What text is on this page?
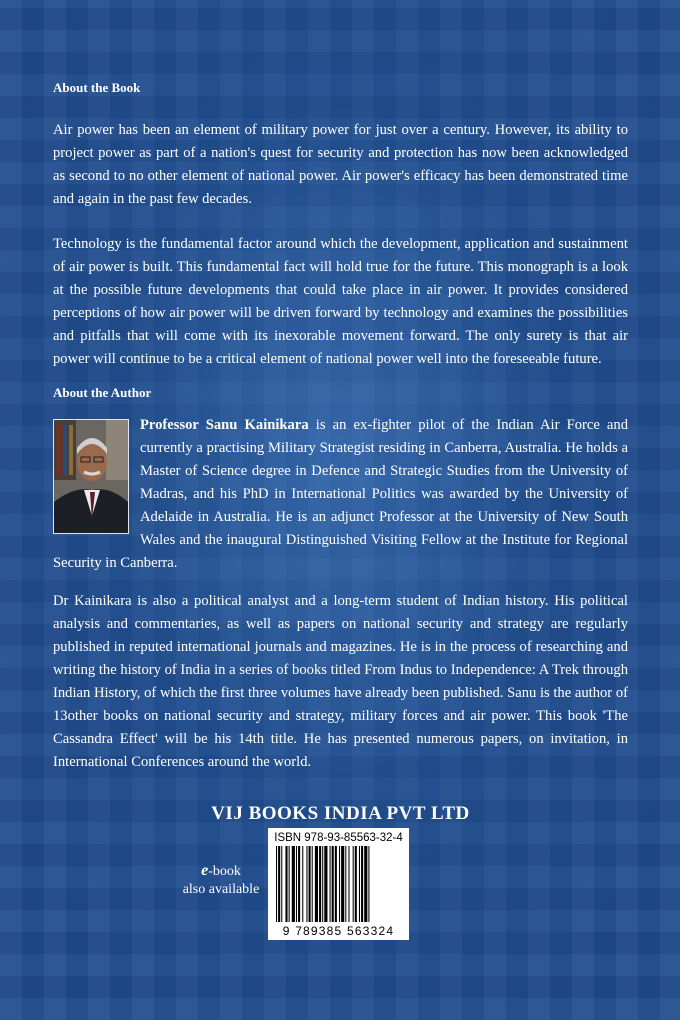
About the Book

Air power has been an element of military power for just over a century. However, its ability to project power as part of a nation's quest for security and protection has now been acknowledged as second to no other element of national power. Air power's efficacy has been demonstrated time and again in the past few decades.

Technology is the fundamental factor around which the development, application and sustainment of air power is built. This fundamental fact will hold true for the future. This monograph is a look at the possible future developments that could take place in air power. It provides considered perceptions of how air power will be driven forward by technology and examines the possibilities and pitfalls that will come with its inexorable movement forward. The only surety is that air power will continue to be a critical element of national power well into the foreseeable future.

About the Author
Professor Sanu Kainikara is an ex-fighter pilot of the Indian Air Force and
currently a practising Military Strategist residing in Canberra, Australia. He holds a
Master of Science degree in Defence and Strategic Studies from the University of
Madras, and his PhD in International Politics was awarded by the University of
Adelaide in Australia. He is an adjunct Professor at the University of New South
Wales and the inaugural Distinguished Visiting Fellow at the Institute for Regional
Security in Canberra.

Dr Kainikara is also a political analyst and a long-term student of Indian history. His political analysis and commentaries, as well as papers on national security and strategy are regularly published in reputed international journals and magazines. He is in the process of researching and writing the history of India in a series of books titled From Indus to Independence: A Trek through Indian History, of which the first three volumes have already been published. Sanu is the author of 13other books on national security and strategy, military forces and air power. This book 'The Cassandra Effect' will be his 14th title. He has presented numerous papers, on invitation, in International Conferences around the world.

VIJ BOOKS INDIA PVT LTD
e-book
also available
ISBN 978-93-85563-32-4
9 789385 563324
